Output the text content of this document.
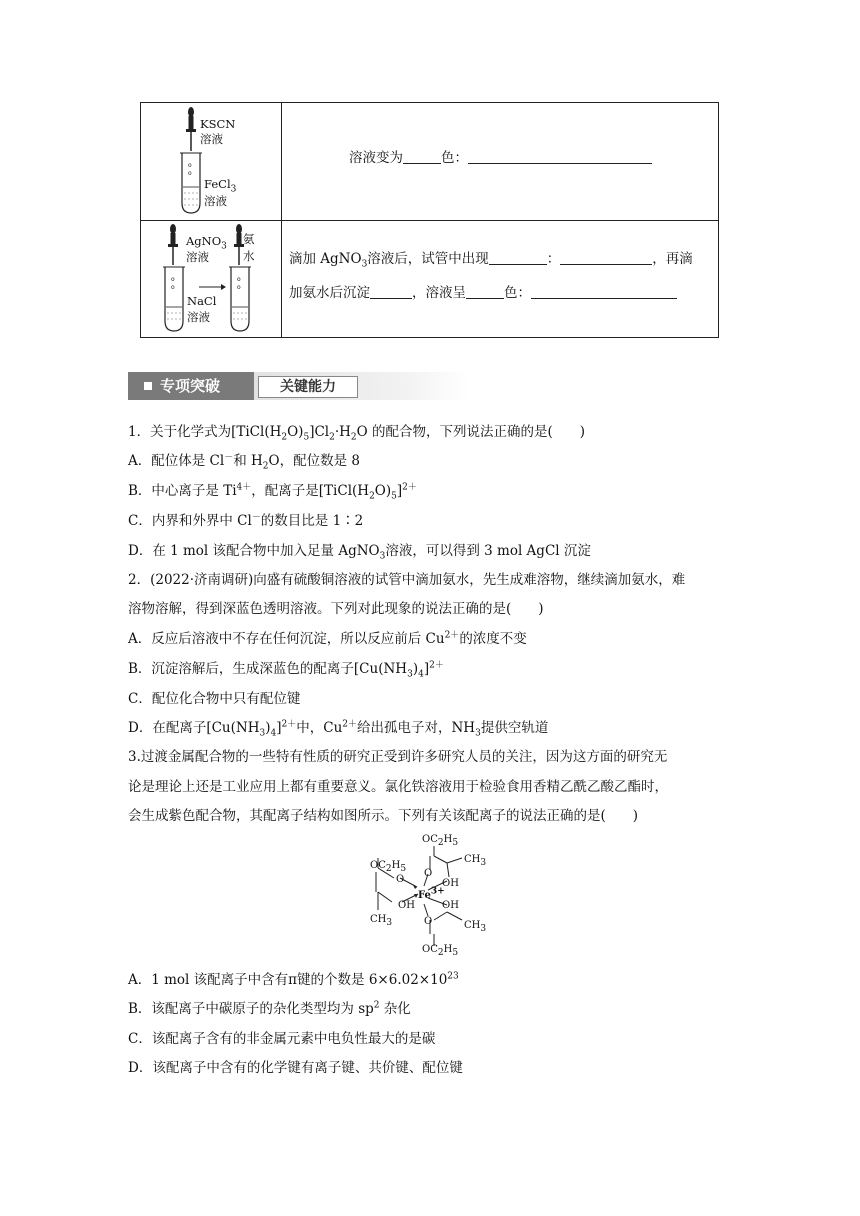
o
o
KSCN
溶液
FeCl$_3$
溶液
溶液变为	色：
o
o
o
o
AgNO$_3$
溶液
氨
水
NaCl
溶液
滴加 AgNO$_3$溶液后，试管中出现	：	，再滴
加氨水后沉淀	，溶液呈	色：
专项突破	关键能力
1．关于化学式为$[TiCl(H_2O)_5]Cl_2\cdot H_2O$ 的配合物，下列说法正确的是(　　)
A．配位体是 Cl－和 $H_2O$，配位数是 8
B．中心离子是 $Ti^{4+}$，配离子是$[TiCl(H_2O)_5]^{2+}$
C．内界和外界中 Cl－的数目比是 1∶2
D．在 1 mol 该配合物中加入足量 AgNO$_3$溶液，可以得到 3 mol AgCl 沉淀
2．(2022·济南调研)向盛有硫酸铜溶液的试管中滴加氨水，先生成难溶物，继续滴加氨水，难
溶物溶解，得到深蓝色透明溶液。下列对此现象的说法正确的是(　　)
A．反应后溶液中不存在任何沉淀，所以反应前后 $Cu^{2+}$的浓度不变
B．沉淀溶解后，生成深蓝色的配离子$[Cu(NH_3)_4]^{2+}$
C．配位化合物中只有配位键
D．在配离子$[Cu(NH_3)_4]^{2+}$中，$Cu^{2+}$给出孤电子对，$NH_3$提供空轨道
3.过渡金属配合物的一些特有性质的研究正受到许多研究人员的关注，因为这方面的研究无
论是理论上还是工业应用上都有重要意义。氯化铁溶液用于检验食用香精乙酰乙酸乙酯时，
会生成紫色配合物，其配离子结构如图所示。下列有关该配离子的说法正确的是(　　)
$OC_2H_5$
$CH_3$
$OC_2H_5$ O
O	OH
$Fe^{3+}$
OH	OH
$CH_3$
$CH_3$	O
$OC_2H_5$
A．1 mol 该配离子中含有π键的个数是 $6\times 6.02\times 10^{23}$
B．该配离子中碳原子的杂化类型均为 $sp^2$ 杂化
C．该配离子含有的非金属元素中电负性最大的是碳
D．该配离子中含有的化学键有离子键、共价键、配位键
